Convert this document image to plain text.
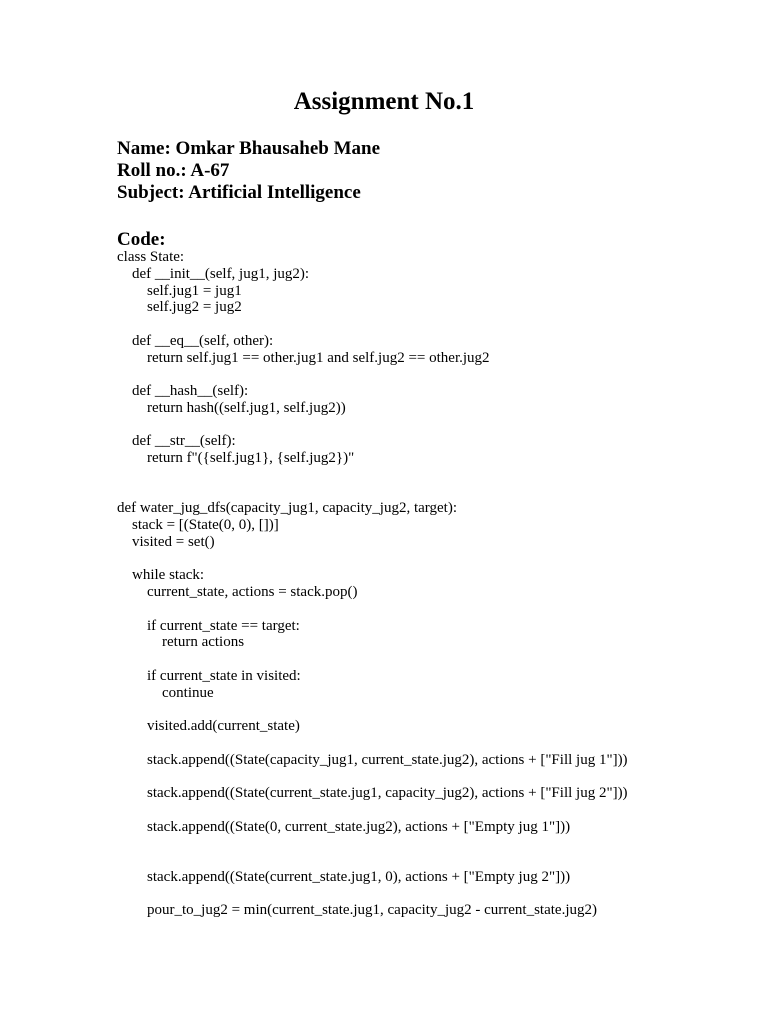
Assignment No.1
Name: Omkar Bhausaheb Mane
Roll no.: A-67
Subject: Artificial Intelligence
Code:
class State:
def __init__(self, jug1, jug2):
self.jug1 = jug1
self.jug2 = jug2
def __eq__(self, other):
return self.jug1 == other.jug1 and self.jug2 == other.jug2
def __hash__(self):
return hash((self.jug1, self.jug2))
def __str__(self):
return f"({self.jug1}, {self.jug2})"
def water_jug_dfs(capacity_jug1, capacity_jug2, target):
stack = [(State(0, 0), [])]
visited = set()
while stack:
current_state, actions = stack.pop()
if current_state == target:
return actions
if current_state in visited:
continue
visited.add(current_state)
stack.append((State(capacity_jug1, current_state.jug2), actions + ["Fill jug 1"]))
stack.append((State(current_state.jug1, capacity_jug2), actions + ["Fill jug 2"]))
stack.append((State(0, current_state.jug2), actions + ["Empty jug 1"]))
stack.append((State(current_state.jug1, 0), actions + ["Empty jug 2"]))
pour_to_jug2 = min(current_state.jug1, capacity_jug2 - current_state.jug2)
